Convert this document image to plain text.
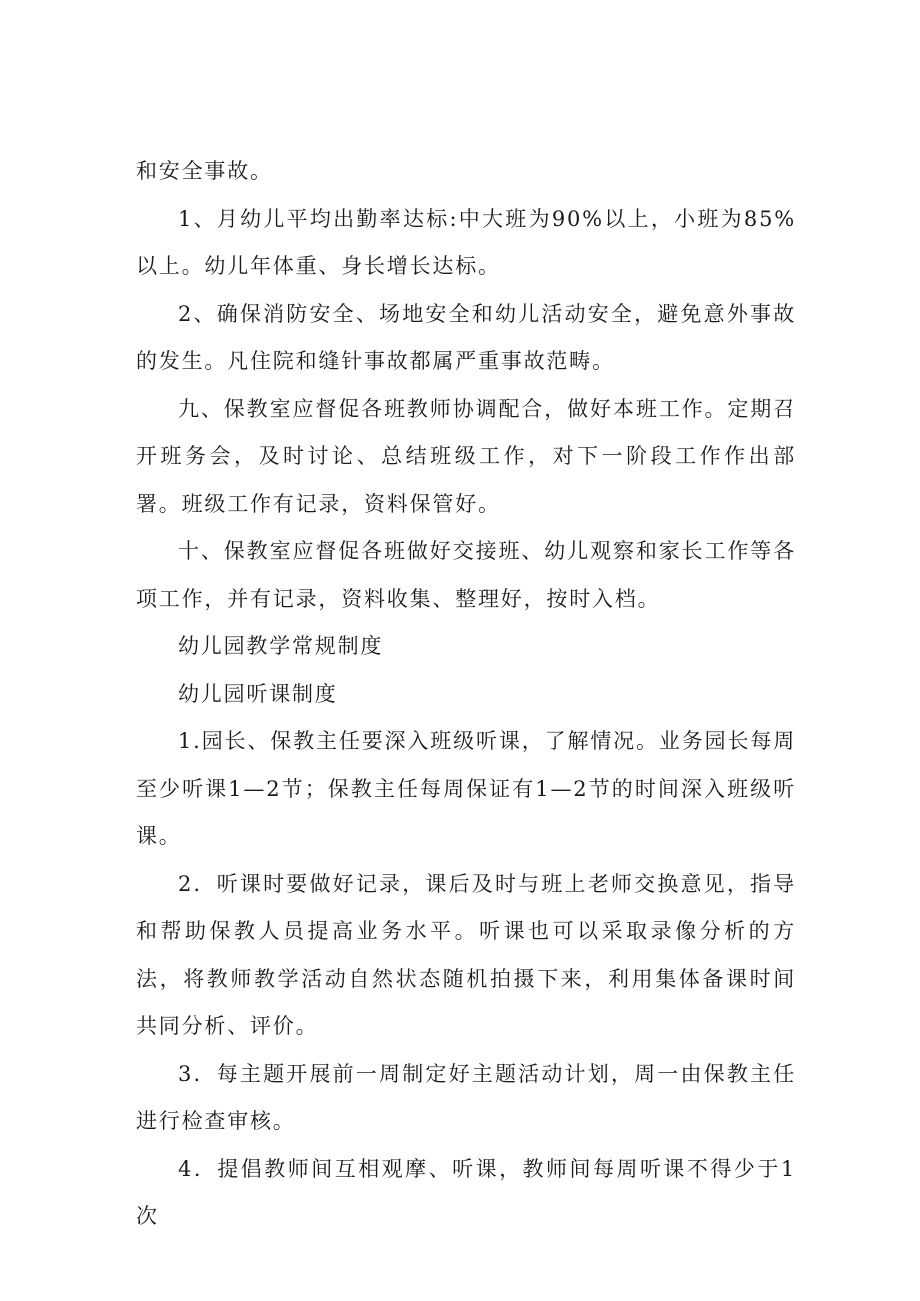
和安全事故。

1、月幼儿平均出勤率达标:中大班为90%以上，小班为85%以上。幼儿年体重、身长增长达标。

2、确保消防安全、场地安全和幼儿活动安全，避免意外事故的发生。凡住院和缝针事故都属严重事故范畴。

九、保教室应督促各班教师协调配合，做好本班工作。定期召开班务会，及时讨论、总结班级工作，对下一阶段工作作出部署。班级工作有记录，资料保管好。

十、保教室应督促各班做好交接班、幼儿观察和家长工作等各项工作，并有记录，资料收集、整理好，按时入档。

幼儿园教学常规制度

幼儿园听课制度

1.园长、保教主任要深入班级听课，了解情况。业务园长每周至少听课1—2节；保教主任每周保证有1—2节的时间深入班级听课。

2．听课时要做好记录，课后及时与班上老师交换意见，指导和帮助保教人员提高业务水平。听课也可以采取录像分析的方法，将教师教学活动自然状态随机拍摄下来，利用集体备课时间共同分析、评价。

3．每主题开展前一周制定好主题活动计划，周一由保教主任进行检查审核。

4．提倡教师间互相观摩、听课，教师间每周听课不得少于1次
